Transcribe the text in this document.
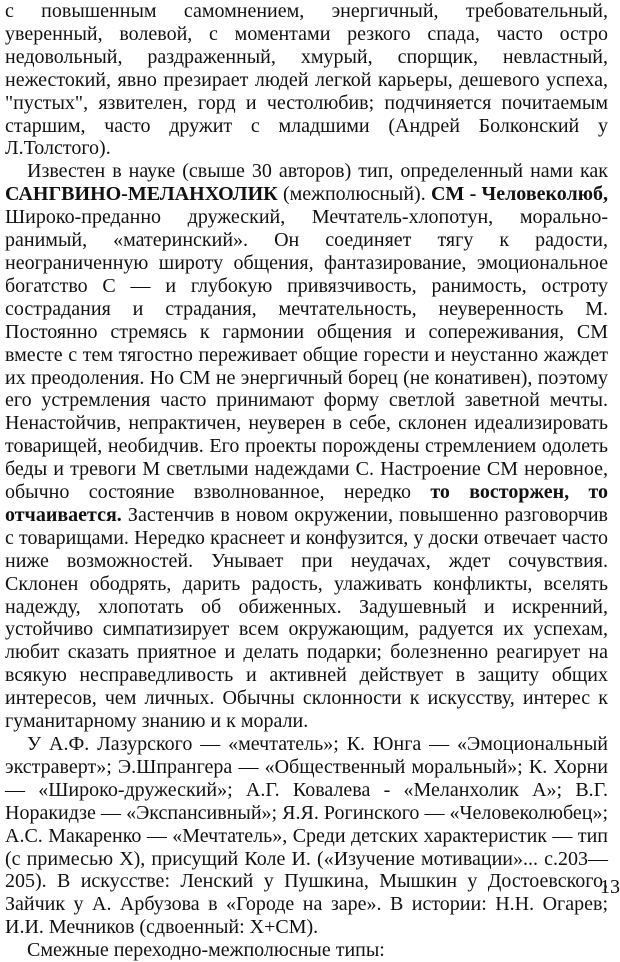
с повышенным самомнением, энергичный, требовательный, уверенный, волевой, с моментами резкого спада, часто остро недовольный, раздраженный, хмурый, спорщик, невластный, нежестокий, явно презирает людей легкой карьеры, дешевого успеха, "пустых", язвителен, горд и честолюбив; подчиняется почитаемым старшим, часто дружит с младшими (Андрей Болконский у Л.Толстого).

Известен в науке (свыше 30 авторов) тип, определенный нами как САНГВИНО-МЕЛАНХОЛИК (межполюсный). СМ - Человеколюб, Широко-преданно дружеский, Мечтатель-хлопотун, морально-ранимый, «материнский». Он соединяет тягу к радости, неограниченную широту общения, фантазирование, эмоциональное богатство С — и глубокую привязчивость, ранимость, остроту сострадания и страдания, мечтательность, неуверенность М. Постоянно стремясь к гармонии общения и сопереживания, СМ вместе с тем тягостно переживает общие горести и неустанно жаждет их преодоления. Но СМ не энергичный борец (не конативен), поэтому его устремления часто принимают форму светлой заветной мечты. Ненастойчив, непрактичен, неуверен в себе, склонен идеализировать товарищей, необидчив. Его проекты порождены стремлением одолеть беды и тревоги М светлыми надеждами С. Настроение СМ неровное, обычно состояние взволнованное, нередко то восторжен, то отчаивается. Застенчив в новом окружении, повышенно разговорчив с товарищами. Нередко краснеет и конфузится, у доски отвечает часто ниже возможностей. Унывает при неудачах, ждет сочувствия. Склонен ободрять, дарить радость, улаживать конфликты, вселять надежду, хлопотать об обиженных. Задушевный и искренний, устойчиво симпатизирует всем окружающим, радуется их успехам, любит сказать приятное и делать подарки; болезненно реагирует на всякую несправедливость и активней действует в защиту общих интересов, чем личных. Обычны склонности к искусству, интерес к гуманитарному знанию и к морали.

У А.Ф. Лазурского — «мечтатель»; К. Юнга — «Эмоциональный экстраверт»; Э.Шпрангера — «Общественный моральный»; К. Хорни — «Широко-дружеский»; А.Г. Ковалева - «Меланхолик А»; В.Г. Норакидзе — «Экспансивный»; Я.Я. Рогинского — «Человеколюбец»; А.С. Макаренко — «Мечтатель», Среди детских характеристик — тип (с примесью Х), присущий Коле И. («Изучение мотивации»... с.203—205). В искусстве: Ленский у Пушкина, Мышкин у Достоевского, Зайчик у А. Арбузова в «Городе на заре». В истории: Н.Н. Огарев; И.И. Мечников (сдвоенный: Х+СМ).

Смежные переходно-межполюсные типы:

13
